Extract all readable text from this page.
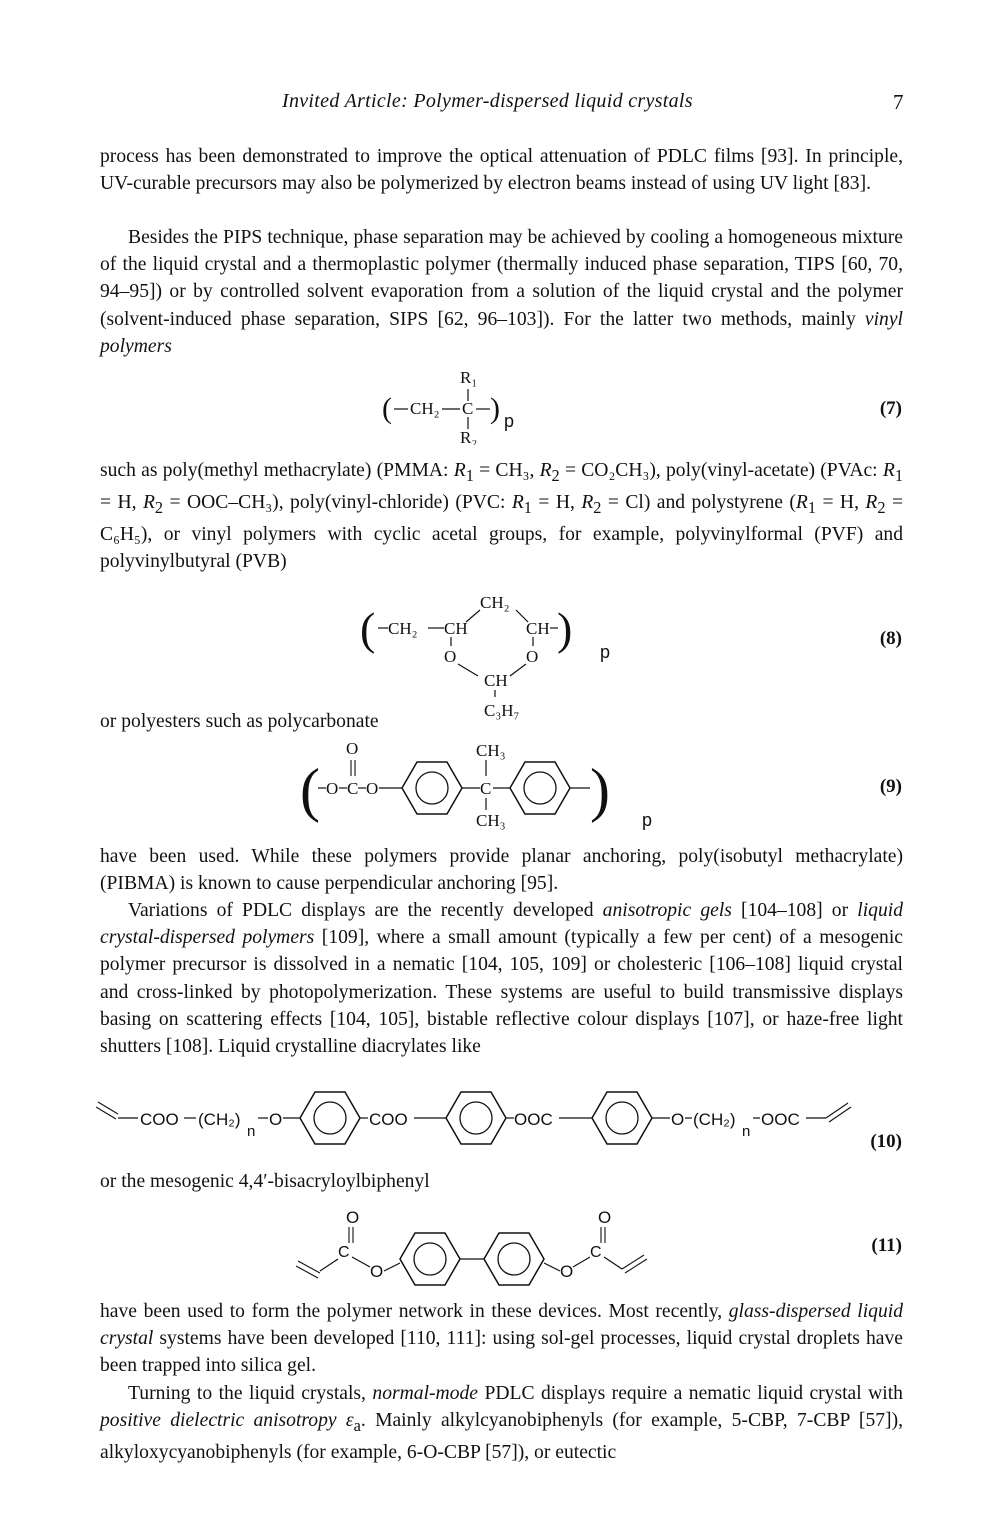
Invited Article: Polymer-dispersed liquid crystals	7

process has been demonstrated to improve the optical attenuation of PDLC films [93]. In principle, UV-curable precursors may also be polymerized by electron beams instead of using UV light [83].

Besides the PIPS technique, phase separation may be achieved by cooling a homogeneous mixture of the liquid crystal and a thermoplastic polymer (thermally induced phase separation, TIPS [60, 70, 94–95]) or by controlled solvent evaporation from a solution of the liquid crystal and the polymer (solvent-induced phase separation, SIPS [62, 96–103]). For the latter two methods, mainly vinyl polymers

( CH₂ C
R₁
R₂
) p
(7)

such as poly(methyl methacrylate) (PMMA: $R_1 = CH_3$, $R_2 = CO_2CH_3$), poly(vinyl-acetate) (PVAc: $R_1 = H$, $R_2 = OOC-CH_3$), poly(vinyl-chloride) (PVC: $R_1 = H$, $R_2 = Cl$) and polystyrene ($R_1 = H$, $R_2 = C_6H_5$), or vinyl polymers with cyclic acetal groups, for example, polyvinylformal (PVF) and polyvinylbutyral (PVB)

( CH₂ CH
CH₂
CH ) p
O	O
CH
(8)
C₃H₇

or polyesters such as polycarbonate

( O C
O
O	C
CH₃
CH₃ ) p
(9)

have been used. While these polymers provide planar anchoring, poly(isobutyl methacrylate) (PIBMA) is known to cause perpendicular anchoring [95].

Variations of PDLC displays are the recently developed anisotropic gels [104–108] or liquid crystal-dispersed polymers [109], where a small amount (typically a few per cent) of a mesogenic polymer precursor is dissolved in a nematic [104, 105, 109] or cholesteric [106–108] liquid crystal and cross-linked by photopolymerization. These systems are useful to build transmissive displays basing on scattering effects [104, 105], bistable reflective colour displays [107], or haze-free light shutters [108]. Liquid crystalline diacrylates like

COO (CH₂)
n
O	COO	OOC	O (CH₂)
n
OOC
(10)

or the mesogenic 4,4′-bisacryloylbiphenyl

C
O
O	O
C
O
(11)

have been used to form the polymer network in these devices. Most recently, glass-dispersed liquid crystal systems have been developed [110, 111]: using sol-gel processes, liquid crystal droplets have been trapped into silica gel.

Turning to the liquid crystals, normal-mode PDLC displays require a nematic liquid crystal with positive dielectric anisotropy $\varepsilon_a$. Mainly alkylcyanobiphenyls (for example, 5-CBP, 7-CBP [57]), alkyloxycyanobiphenyls (for example, 6-O-CBP [57]), or eutectic
